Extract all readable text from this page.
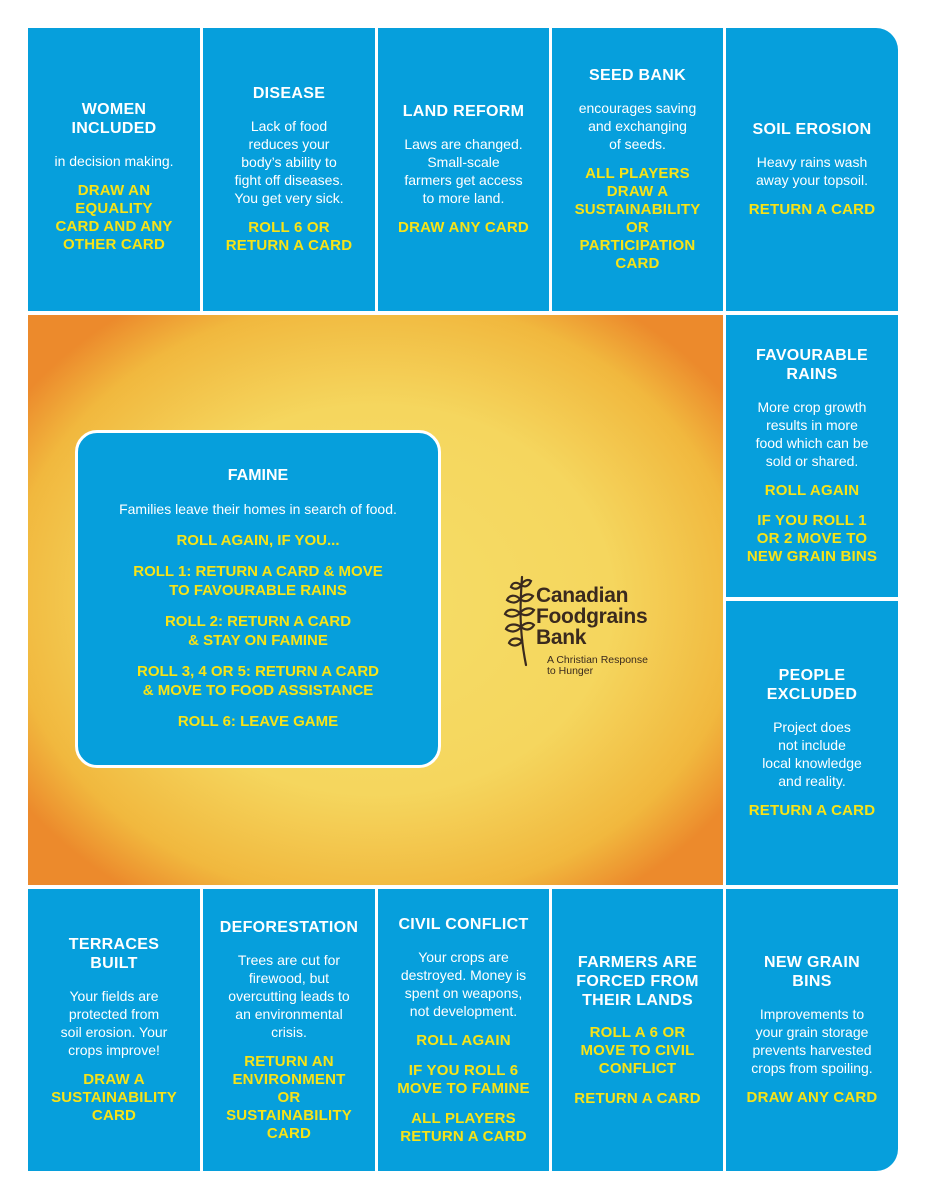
WOMEN
INCLUDED
in decision making.
DRAW AN
EQUALITY
CARD AND ANY
OTHER CARD
DISEASE
Lack of food
reduces your
body’s ability to
fight off diseases.
You get very sick.
ROLL 6 OR
RETURN A CARD
LAND REFORM
Laws are changed.
Small-scale
farmers get access
to more land.
DRAW ANY CARD
SEED BANK
encourages saving
and exchanging
of seeds.
ALL PLAYERS
DRAW A
SUSTAINABILITY
OR
PARTICIPATION
CARD
SOIL EROSION
Heavy rains wash
away your topsoil.
RETURN A CARD
FAVOURABLE
RAINS
More crop growth
results in more
food which can be
sold or shared.
ROLL AGAIN
IF YOU ROLL 1
OR 2 MOVE TO
NEW GRAIN BINS
PEOPLE
EXCLUDED
Project does
not include
local knowledge
and reality.
RETURN A CARD
FAMINE
Families leave their homes in search of food.
ROLL AGAIN, IF YOU...
ROLL 1: RETURN A CARD & MOVE
TO FAVOURABLE RAINS
ROLL 2: RETURN A CARD
& STAY ON FAMINE
ROLL 3, 4 OR 5: RETURN A CARD
& MOVE TO FOOD ASSISTANCE
ROLL 6: LEAVE GAME
Canadian
Foodgrains
Bank
A Christian Response
to Hunger
TERRACES
BUILT
Your fields are
protected from
soil erosion. Your
crops improve!
DRAW A
SUSTAINABILITY
CARD
DEFORESTATION
Trees are cut for
firewood, but
overcutting leads to
an environmental
crisis.
RETURN AN
ENVIRONMENT
OR
SUSTAINABILITY
CARD
CIVIL CONFLICT
Your crops are
destroyed. Money is
spent on weapons,
not development.
ROLL AGAIN
IF YOU ROLL 6
MOVE TO FAMINE
ALL PLAYERS
RETURN A CARD
FARMERS ARE
FORCED FROM
THEIR LANDS
ROLL A 6 OR
MOVE TO CIVIL
CONFLICT
RETURN A CARD
NEW GRAIN
BINS
Improvements to
your grain storage
prevents harvested
crops from spoiling.
DRAW ANY CARD
